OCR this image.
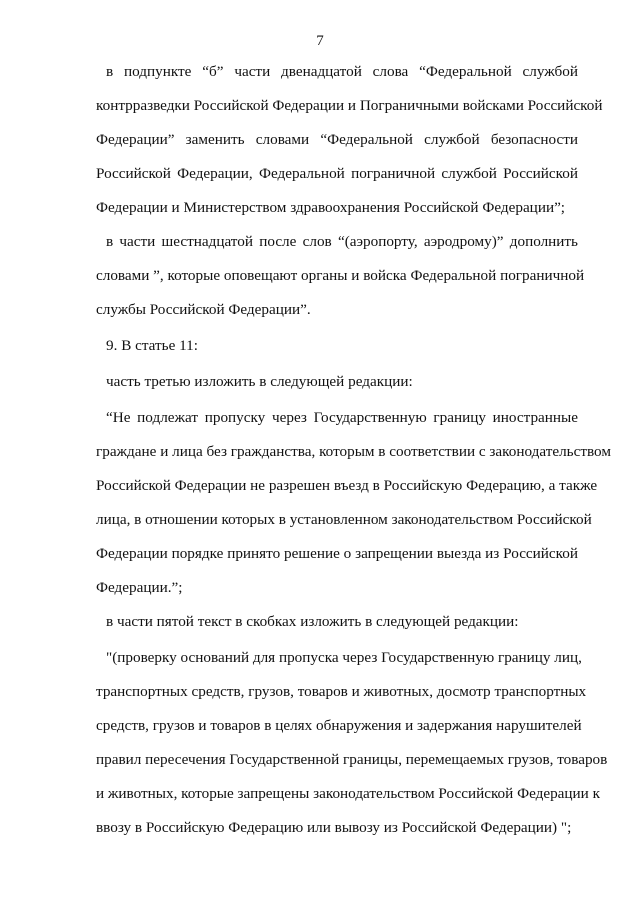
7
в подпункте “б” части двенадцатой слова “Федеральной службой
контрразведки Российской Федерации и Пограничными войсками Российской
Федерации” заменить словами “Федеральной службой безопасности
Российской Федерации, Федеральной пограничной службой Российской
Федерации и Министерством здравоохранения Российской Федерации”;
в части шестнадцатой после слов “(аэропорту, аэродрому)” дополнить
словами ”, которые оповещают органы и войска Федеральной пограничной
службы Российской Федерации”.
9. В статье 11:
часть третью изложить в следующей редакции:
“Не подлежат пропуску через Государственную границу иностранные
граждане и лица без гражданства, которым в соответствии с законодательством
Российской Федерации не разрешен въезд в Российскую Федерацию, а также
лица, в отношении которых в установленном законодательством Российской
Федерации порядке принято решение о запрещении выезда из Российской
Федерации.”;
в части пятой текст в скобках изложить в следующей редакции:
"(проверку оснований для пропуска через Государственную границу лиц,
транспортных средств, грузов, товаров и животных, досмотр транспортных
средств, грузов и товаров в целях обнаружения и задержания нарушителей
правил пересечения Государственной границы, перемещаемых грузов, товаров
и животных, которые запрещены законодательством Российской Федерации к
ввозу в Российскую Федерацию или вывозу из Российской Федерации) ";
